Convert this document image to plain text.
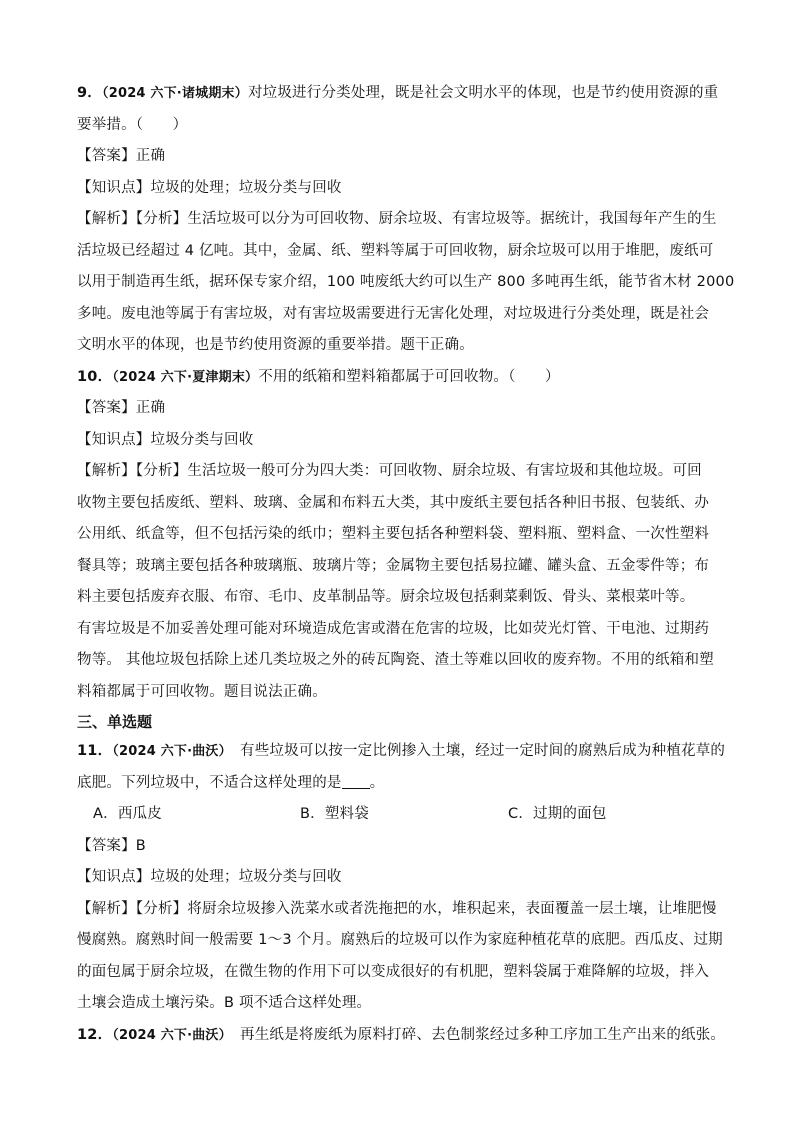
9．（2024 六下·诸城期末）对垃圾进行分类处理，既是社会文明水平的体现，也是节约使用资源的重
要举措。（　　）
【答案】正确
【知识点】垃圾的处理；垃圾分类与回收
【解析】【分析】生活垃圾可以分为可回收物、厨余垃圾、有害垃圾等。据统计，我国每年产生的生
活垃圾已经超过 4 亿吨。其中，金属、纸、塑料等属于可回收物，厨余垃圾可以用于堆肥，废纸可
以用于制造再生纸，据环保专家介绍，100 吨废纸大约可以生产 800 多吨再生纸，能节省木材 2000
多吨。废电池等属于有害垃圾，对有害垃圾需要进行无害化处理，对垃圾进行分类处理，既是社会
文明水平的体现，也是节约使用资源的重要举措。题干正确。
10．（2024 六下·夏津期末）不用的纸箱和塑料箱都属于可回收物。（　　）
【答案】正确
【知识点】垃圾分类与回收
【解析】【分析】生活垃圾一般可分为四大类：可回收物、厨余垃圾、有害垃圾和其他垃圾。可回
收物主要包括废纸、塑料、玻璃、金属和布料五大类，其中废纸主要包括各种旧书报、包装纸、办
公用纸、纸盒等，但不包括污染的纸巾；塑料主要包括各种塑料袋、塑料瓶、塑料盒、一次性塑料
餐具等；玻璃主要包括各种玻璃瓶、玻璃片等；金属物主要包括易拉罐、罐头盒、五金零件等；布
料主要包括废弃衣服、布帘、毛巾、皮革制品等。厨余垃圾包括剩菜剩饭、骨头、菜根菜叶等。
有害垃圾是不加妥善处理可能对环境造成危害或潜在危害的垃圾，比如荧光灯管、干电池、过期药
物等。 其他垃圾包括除上述几类垃圾之外的砖瓦陶瓷、渣土等难以回收的废弃物。不用的纸箱和塑
料箱都属于可回收物。题目说法正确。
三、单选题
11．（2024 六下·曲沃）　有些垃圾可以按一定比例掺入土壤，经过一定时间的腐熟后成为种植花草的
底肥。下列垃圾中，不适合这样处理的是 。
A．西瓜皮	B．塑料袋	C．过期的面包
【答案】B
【知识点】垃圾的处理；垃圾分类与回收
【解析】【分析】将厨余垃圾掺入洗菜水或者洗拖把的水，堆积起来，表面覆盖一层土壤，让堆肥慢
慢腐熟。腐熟时间一般需要 1～3 个月。腐熟后的垃圾可以作为家庭种植花草的底肥。西瓜皮、过期
的面包属于厨余垃圾，在微生物的作用下可以变成很好的有机肥，塑料袋属于难降解的垃圾，拌入
土壤会造成土壤污染。B 项不适合这样处理。
12．（2024 六下·曲沃）　再生纸是将废纸为原料打碎、去色制浆经过多种工序加工生产出来的纸张。
